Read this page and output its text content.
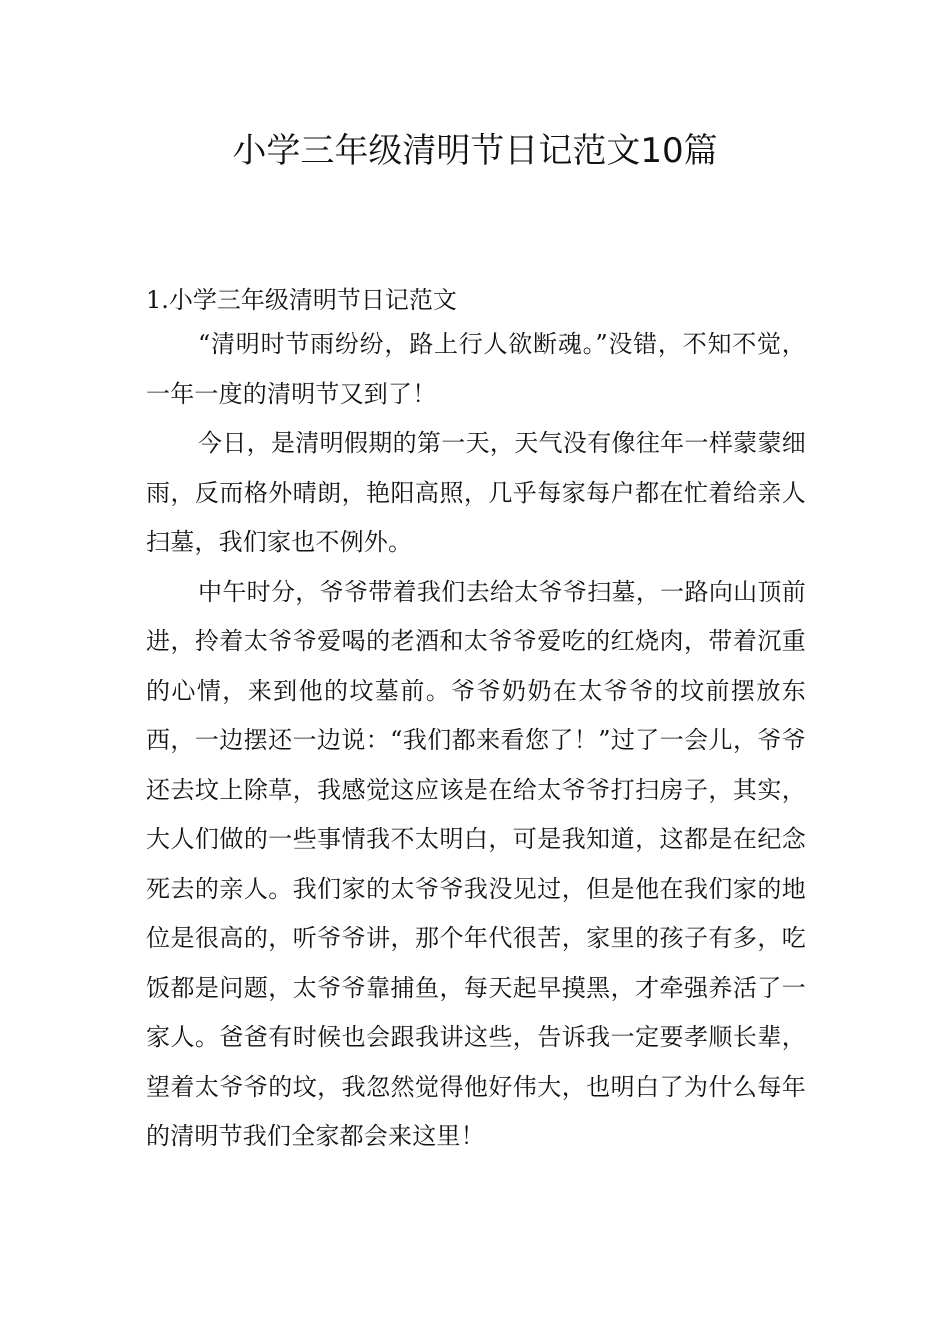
小学三年级清明节日记范文10篇
1.小学三年级清明节日记范文

“清明时节雨纷纷，路上行人欲断魂。”没错，不知不觉，一年一度的清明节又到了！

今日，是清明假期的第一天，天气没有像往年一样蒙蒙细雨，反而格外晴朗，艳阳高照，几乎每家每户都在忙着给亲人扫墓，我们家也不例外。

中午时分，爷爷带着我们去给太爷爷扫墓，一路向山顶前进，拎着太爷爷爱喝的老酒和太爷爷爱吃的红烧肉，带着沉重的心情，来到他的坟墓前。爷爷奶奶在太爷爷的坟前摆放东西，一边摆还一边说：“我们都来看您了！”过了一会儿，爷爷还去坟上除草，我感觉这应该是在给太爷爷打扫房子，其实，大人们做的一些事情我不太明白，可是我知道，这都是在纪念死去的亲人。我们家的太爷爷我没见过，但是他在我们家的地位是很高的，听爷爷讲，那个年代很苦，家里的孩子有多，吃饭都是问题，太爷爷靠捕鱼，每天起早摸黑，才牵强养活了一家人。爸爸有时候也会跟我讲这些，告诉我一定要孝顺长辈，望着太爷爷的坟，我忽然觉得他好伟大，也明白了为什么每年的清明节我们全家都会来这里！
